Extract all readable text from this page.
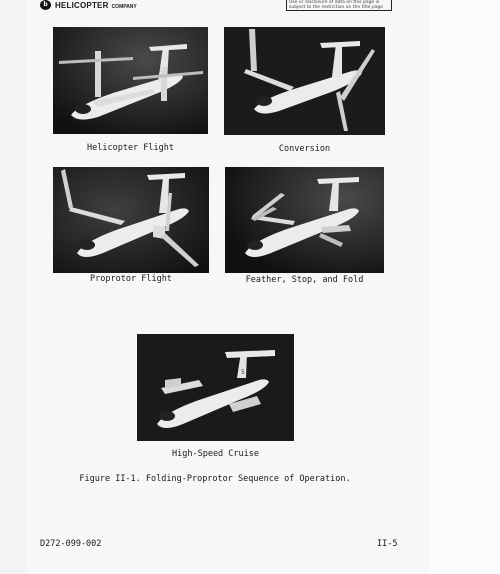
b HELICOPTER COMPANY
Use or disclosure of data on this page is
subject to the restriction on the title page
2
Helicopter Flight	Conversion
Proprotor Flight	Feather, Stop, and Fold
5
High-Speed Cruise
Figure II-1. Folding-Proprotor Sequence of Operation.
D272-099-002	II-5
